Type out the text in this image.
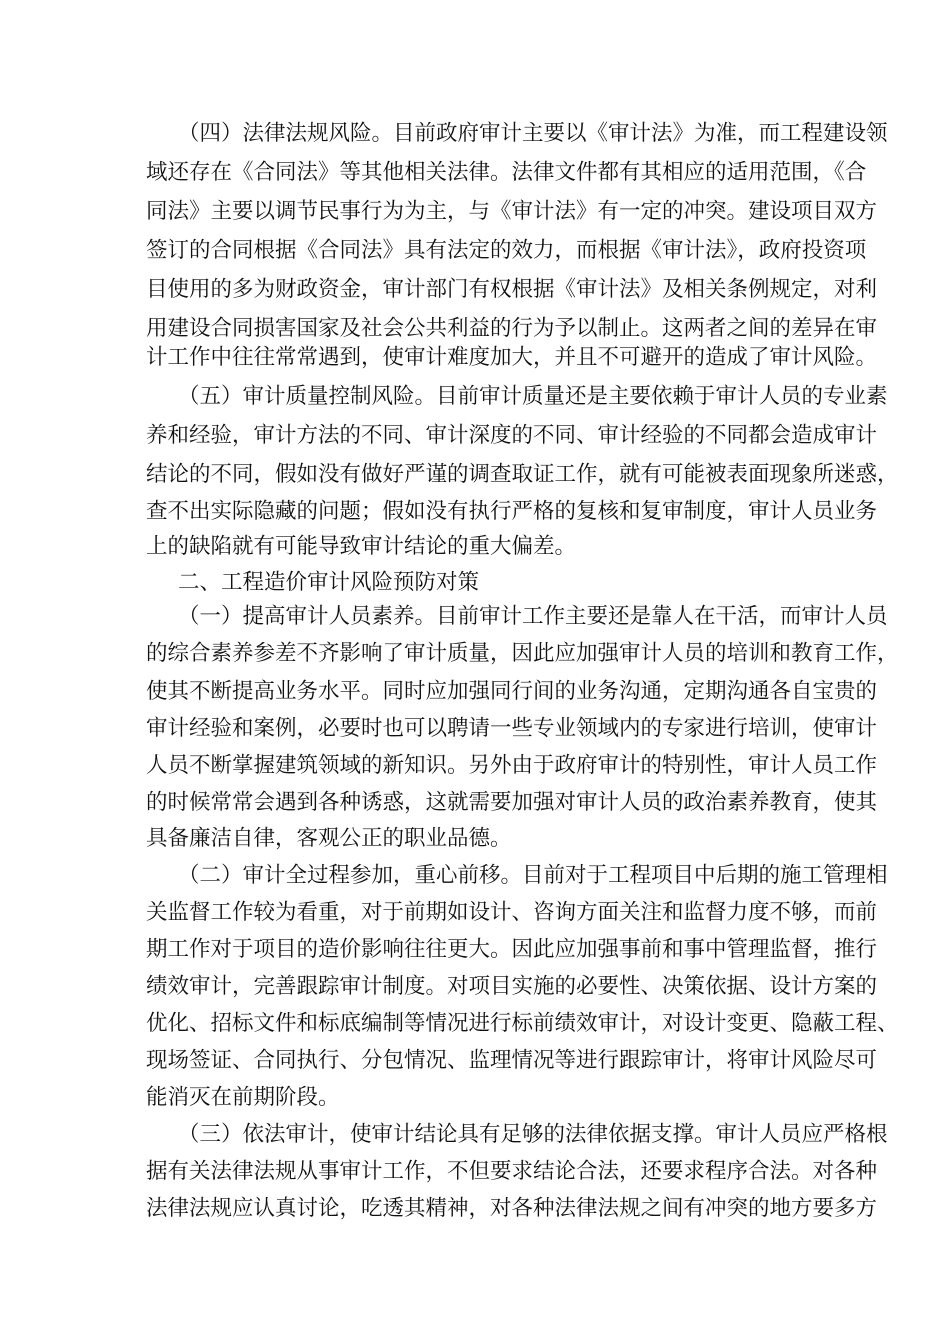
（四）法律法规风险。目前政府审计主要以《审计法》为准，而工程建设领
域还存在《合同法》等其他相关法律。法律文件都有其相应的适用范围，《合
同法》主要以调节民事行为为主，与《审计法》有一定的冲突。建设项目双方
签订的合同根据《合同法》具有法定的效力，而根据《审计法》，政府投资项
目使用的多为财政资金，审计部门有权根据《审计法》及相关条例规定，对利
用建设合同损害国家及社会公共利益的行为予以制止。这两者之间的差异在审
计工作中往往常常遇到，使审计难度加大，并且不可避开的造成了审计风险。
（五）审计质量控制风险。目前审计质量还是主要依赖于审计人员的专业素
养和经验，审计方法的不同、审计深度的不同、审计经验的不同都会造成审计
结论的不同，假如没有做好严谨的调查取证工作，就有可能被表面现象所迷惑，
查不出实际隐藏的问题；假如没有执行严格的复核和复审制度，审计人员业务
上的缺陷就有可能导致审计结论的重大偏差。
二、工程造价审计风险预防对策
（一）提高审计人员素养。目前审计工作主要还是靠人在干活，而审计人员
的综合素养参差不齐影响了审计质量，因此应加强审计人员的培训和教育工作，
使其不断提高业务水平。同时应加强同行间的业务沟通，定期沟通各自宝贵的
审计经验和案例，必要时也可以聘请一些专业领域内的专家进行培训，使审计
人员不断掌握建筑领域的新知识。另外由于政府审计的特别性，审计人员工作
的时候常常会遇到各种诱惑，这就需要加强对审计人员的政治素养教育，使其
具备廉洁自律，客观公正的职业品德。
（二）审计全过程参加，重心前移。目前对于工程项目中后期的施工管理相
关监督工作较为看重，对于前期如设计、咨询方面关注和监督力度不够，而前
期工作对于项目的造价影响往往更大。因此应加强事前和事中管理监督，推行
绩效审计，完善跟踪审计制度。对项目实施的必要性、决策依据、设计方案的
优化、招标文件和标底编制等情况进行标前绩效审计，对设计变更、隐蔽工程、
现场签证、合同执行、分包情况、监理情况等进行跟踪审计，将审计风险尽可
能消灭在前期阶段。
（三）依法审计，使审计结论具有足够的法律依据支撑。审计人员应严格根
据有关法律法规从事审计工作，不但要求结论合法，还要求程序合法。对各种
法律法规应认真讨论，吃透其精神，对各种法律法规之间有冲突的地方要多方
